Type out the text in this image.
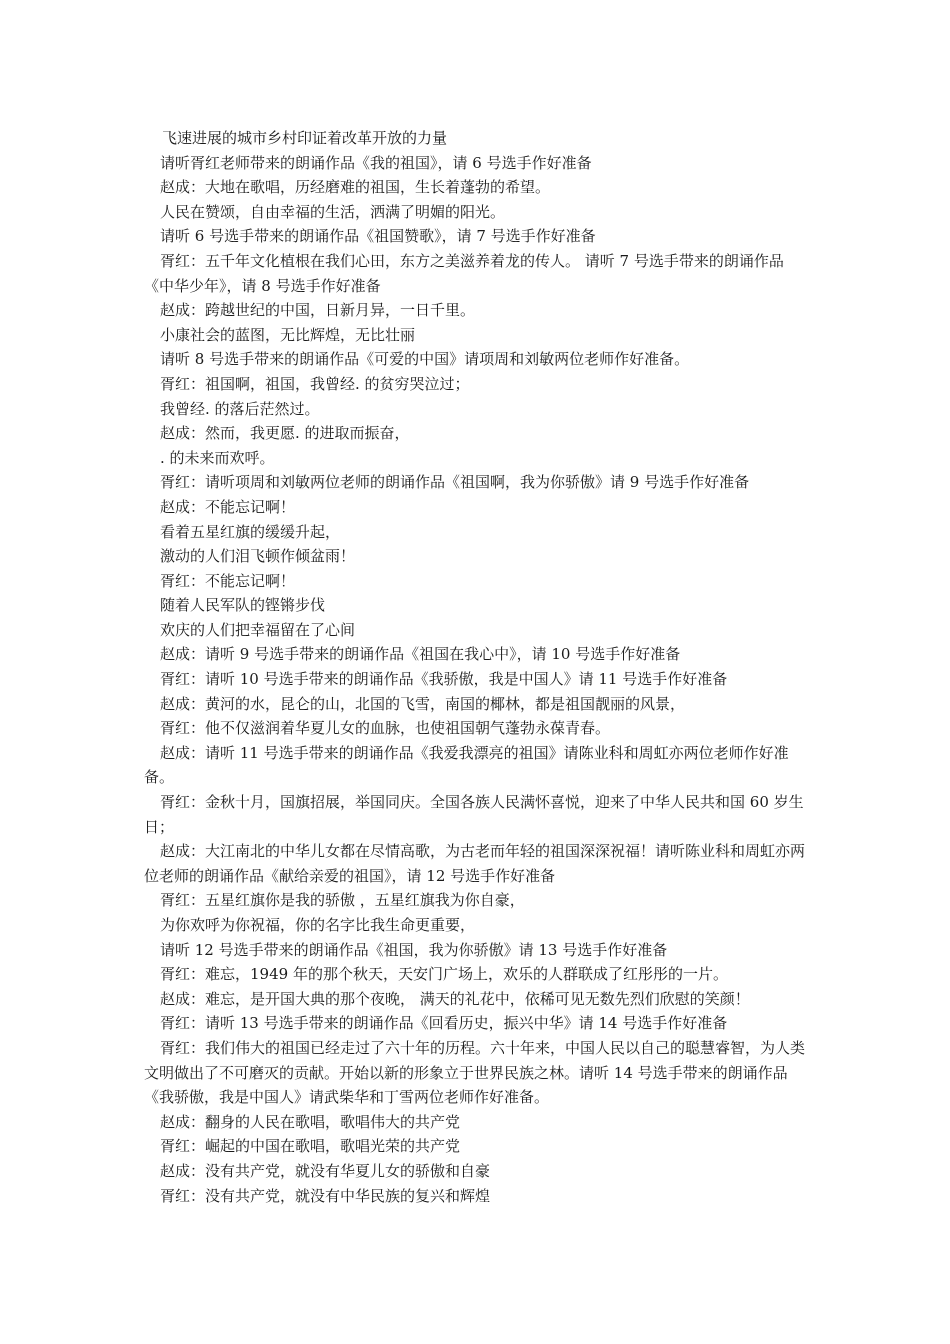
飞速进展的城市乡村印证着改革开放的力量

请听胥红老师带来的朗诵作品《我的祖国》，请 6 号选手作好准备

赵成：大地在歌唱，历经磨难的祖国，生长着蓬勃的希望。

人民在赞颂，自由幸福的生活，洒满了明媚的阳光。

请听 6 号选手带来的朗诵作品《祖国赞歌》，请 7 号选手作好准备

胥红：五千年文化植根在我们心田，东方之美滋养着龙的传人。 请听 7 号选手带来的朗诵作品《中华少年》，请 8 号选手作好准备

赵成：跨越世纪的中国，日新月异，一日千里。

小康社会的蓝图，无比辉煌，无比壮丽

请听 8 号选手带来的朗诵作品《可爱的中国》请项周和刘敏两位老师作好准备。

胥红：祖国啊，祖国，我曾经. 的贫穷哭泣过；

我曾经. 的落后茫然过。

赵成：然而，我更愿. 的进取而振奋，

. 的未来而欢呼。

胥红：请听项周和刘敏两位老师的朗诵作品《祖国啊，我为你骄傲》请 9 号选手作好准备

赵成：不能忘记啊！

看着五星红旗的缓缓升起，

激动的人们泪飞顿作倾盆雨！

胥红：不能忘记啊！

随着人民军队的铿锵步伐

欢庆的人们把幸福留在了心间

赵成：请听 9 号选手带来的朗诵作品《祖国在我心中》，请 10 号选手作好准备

胥红：请听 10 号选手带来的朗诵作品《我骄傲，我是中国人》请 11 号选手作好准备

赵成：黄河的水，昆仑的山，北国的飞雪，南国的椰林，都是祖国靓丽的风景，

胥红：他不仅滋润着华夏儿女的血脉，也使祖国朝气蓬勃永葆青春。

赵成：请听 11 号选手带来的朗诵作品《我爱我漂亮的祖国》请陈业科和周虹亦两位老师作好准备。

胥红：金秋十月，国旗招展，举国同庆。全国各族人民满怀喜悦，迎来了中华人民共和国 60 岁生日；

赵成：大江南北的中华儿女都在尽情高歌，为古老而年轻的祖国深深祝福！请听陈业科和周虹亦两位老师的朗诵作品《献给亲爱的祖国》，请 12 号选手作好准备

胥红：五星红旗你是我的骄傲 ，五星红旗我为你自豪，

为你欢呼为你祝福，你的名字比我生命更重要，

请听 12 号选手带来的朗诵作品《祖国，我为你骄傲》请 13 号选手作好准备

胥红：难忘，1949 年的那个秋天，天安门广场上，欢乐的人群联成了红彤彤的一片。

赵成：难忘，是开国大典的那个夜晚， 满天的礼花中，依稀可见无数先烈们欣慰的笑颜！

胥红：请听 13 号选手带来的朗诵作品《回看历史，振兴中华》请 14 号选手作好准备

胥红：我们伟大的祖国已经走过了六十年的历程。六十年来，中国人民以自己的聪慧睿智，为人类文明做出了不可磨灭的贡献。开始以新的形象立于世界民族之林。请听 14 号选手带来的朗诵作品《我骄傲，我是中国人》请武柴华和丁雪两位老师作好准备。

赵成：翻身的人民在歌唱，歌唱伟大的共产党

胥红：崛起的中国在歌唱，歌唱光荣的共产党

赵成：没有共产党，就没有华夏儿女的骄傲和自豪

胥红：没有共产党，就没有中华民族的复兴和辉煌
